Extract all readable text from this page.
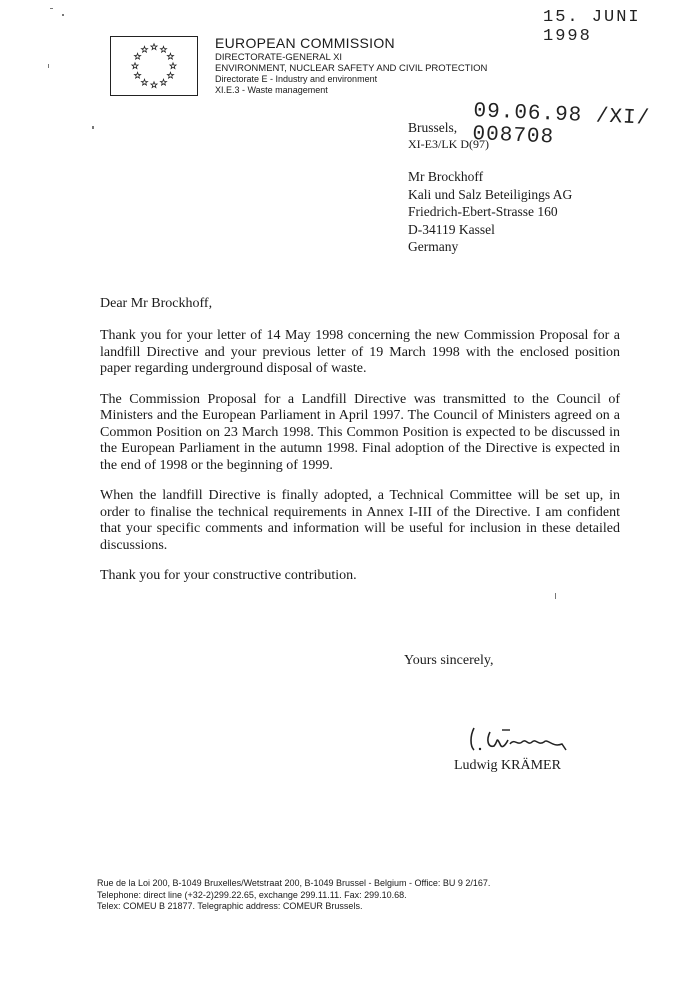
15. JUNI 1998
09.06.98 /XI/ 008708
EUROPEAN COMMISSION
DIRECTORATE-GENERAL XI
ENVIRONMENT, NUCLEAR SAFETY AND CIVIL PROTECTION
Directorate E - Industry and environment
XI.E.3 - Waste management
Brussels,
XI-E3/LK D(97)
Mr Brockhoff
Kali und Salz Beteiligings AG
Friedrich-Ebert-Strasse 160
D-34119 Kassel
Germany
Dear Mr Brockhoff,

Thank you for your letter of 14 May 1998 concerning the new Commission Proposal for a landfill Directive and your previous letter of 19 March 1998 with the enclosed position paper regarding underground disposal of waste.

The Commission Proposal for a Landfill Directive was transmitted to the Council of Ministers and the European Parliament in April 1997. The Council of Ministers agreed on a Common Position on 23 March 1998. This Common Position is expected to be discussed in the European Parliament in the autumn 1998. Final adoption of the Directive is expected in the end of 1998 or the beginning of 1999.

When the landfill Directive is finally adopted, a Technical Committee will be set up, in order to finalise the technical requirements in Annex I-III of the Directive. I am confident that your specific comments and information will be useful for inclusion in these detailed discussions.

Thank you for your constructive contribution.

Yours sincerely,
Ludwig KRÄMER
Rue de la Loi 200, B-1049 Bruxelles/Wetstraat 200, B-1049 Brussel - Belgium - Office: BU 9 2/167.
Telephone: direct line (+32-2)299.22.65, exchange 299.11.11. Fax: 299.10.68.
Telex: COMEU B 21877. Telegraphic address: COMEUR Brussels.
